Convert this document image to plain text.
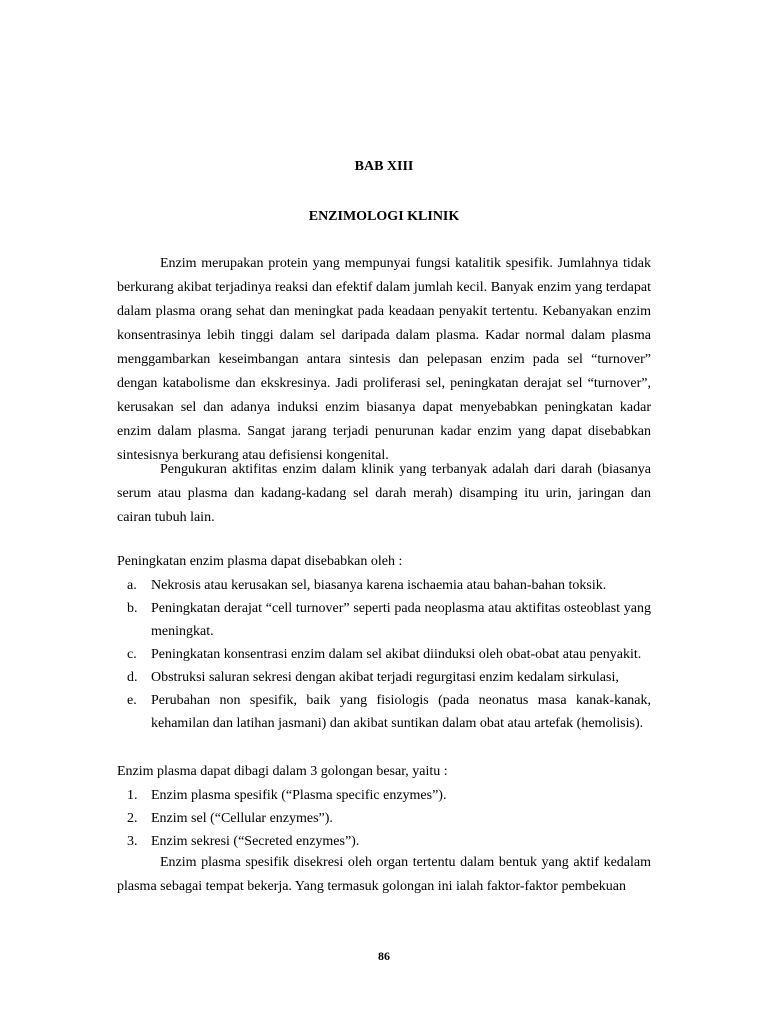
BAB XIII
ENZIMOLOGI KLINIK

Enzim merupakan protein yang mempunyai fungsi katalitik spesifik. Jumlahnya tidak berkurang akibat terjadinya reaksi dan efektif dalam jumlah kecil. Banyak enzim yang terdapat dalam plasma orang sehat dan meningkat pada keadaan penyakit tertentu. Kebanyakan enzim konsentrasinya lebih tinggi dalam sel daripada dalam plasma. Kadar normal dalam plasma menggambarkan keseimbangan antara sintesis dan pelepasan enzim pada sel “turnover” dengan katabolisme dan ekskresinya. Jadi proliferasi sel, peningkatan derajat sel “turnover”, kerusakan sel dan adanya induksi enzim biasanya dapat menyebabkan peningkatan kadar enzim dalam plasma. Sangat jarang terjadi penurunan kadar enzim yang dapat disebabkan sintesisnya berkurang atau defisiensi kongenital.

Pengukuran aktifitas enzim dalam klinik yang terbanyak adalah dari darah (biasanya serum atau plasma dan kadang-kadang sel darah merah) disamping itu urin, jaringan dan cairan tubuh lain.

Peningkatan enzim plasma dapat disebabkan oleh :

a. Nekrosis atau kerusakan sel, biasanya karena ischaemia atau bahan-bahan toksik.
b. Peningkatan derajat “cell turnover” seperti pada neoplasma atau aktifitas osteoblast yang meningkat.
c. Peningkatan konsentrasi enzim dalam sel akibat diinduksi oleh obat-obat atau penyakit.
d. Obstruksi saluran sekresi dengan akibat terjadi regurgitasi enzim kedalam sirkulasi,
e. Perubahan non spesifik, baik yang fisiologis (pada neonatus masa kanak-kanak, kehamilan dan latihan jasmani) dan akibat suntikan dalam obat atau artefak (hemolisis).

Enzim plasma dapat dibagi dalam 3 golongan besar, yaitu :

1. Enzim plasma spesifik (“Plasma specific enzymes”).
2. Enzim sel (“Cellular enzymes”).
3. Enzim sekresi (“Secreted enzymes”).

Enzim plasma spesifik disekresi oleh organ tertentu dalam bentuk yang aktif kedalam plasma sebagai tempat bekerja. Yang termasuk golongan ini ialah faktor-faktor pembekuan

86
